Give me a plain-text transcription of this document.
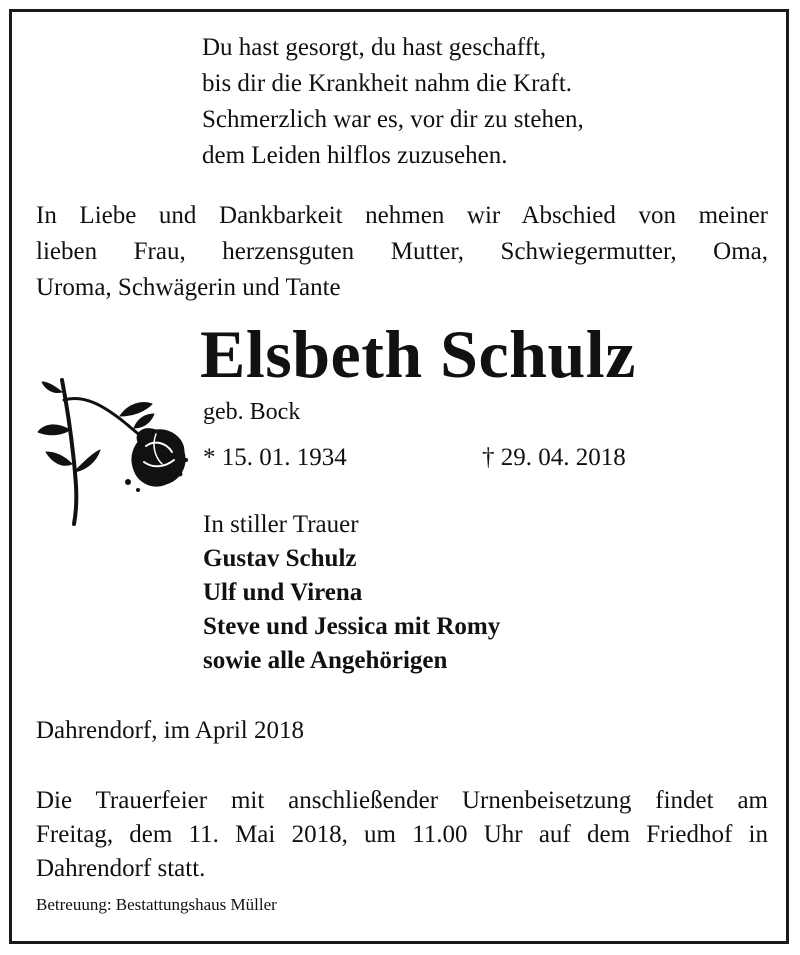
Du hast gesorgt, du hast geschafft,
bis dir die Krankheit nahm die Kraft.
Schmerzlich war es, vor dir zu stehen,
dem Leiden hilflos zuzusehen.
In Liebe und Dankbarkeit nehmen wir Abschied von meiner
lieben Frau, herzensguten Mutter, Schwiegermutter, Oma,
Uroma, Schwägerin und Tante
Elsbeth Schulz
geb. Bock
* 15. 01. 1934	† 29. 04. 2018
In stiller Trauer
Gustav Schulz
Ulf und Virena
Steve und Jessica mit Romy
sowie alle Angehörigen
Dahrendorf, im April 2018
Die Trauerfeier mit anschließender Urnenbeisetzung findet am
Freitag, dem 11. Mai 2018, um 11.00 Uhr auf dem Friedhof in
Dahrendorf statt.
Betreuung: Bestattungshaus Müller
